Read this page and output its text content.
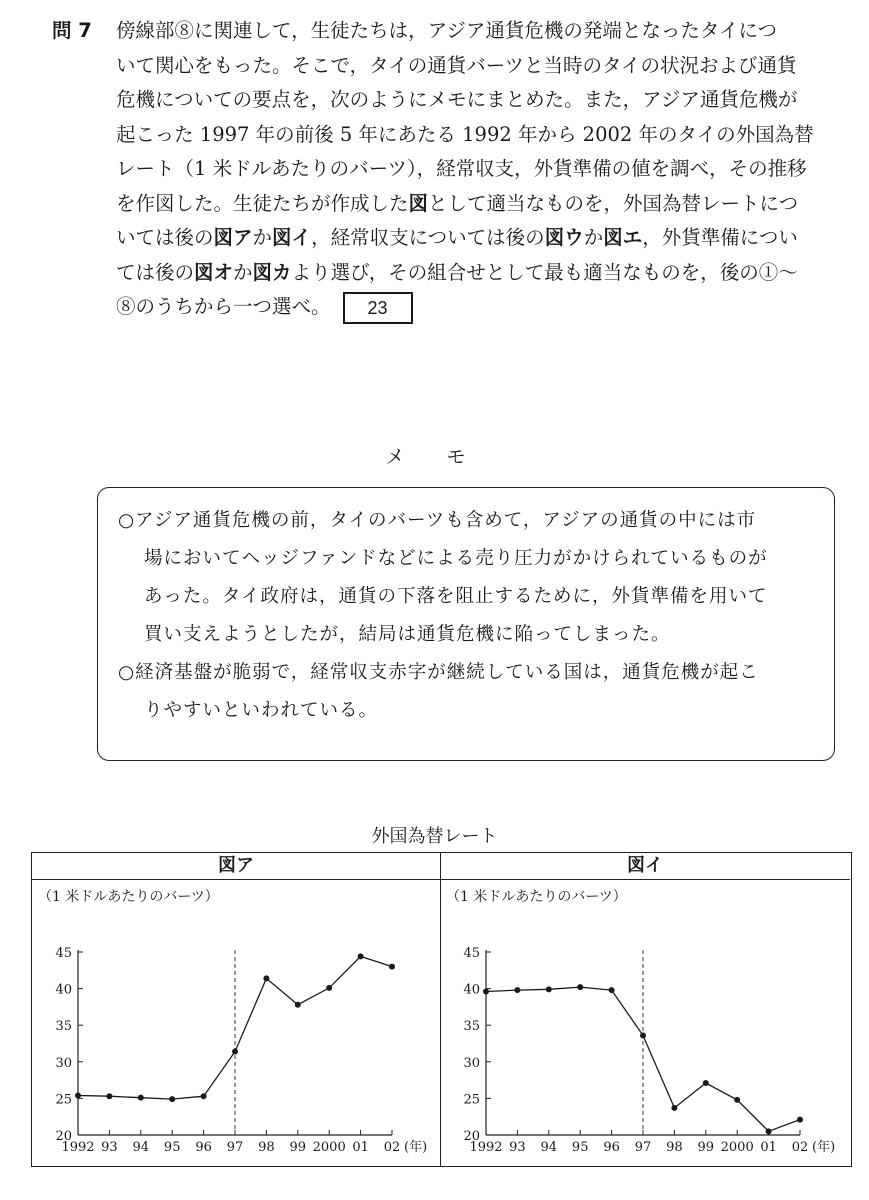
問 7 傍線部⑧に関連して，生徒たちは，アジア通貨危機の発端となったタイにつ
いて関心をもった。そこで，タイの通貨バーツと当時のタイの状況および通貨
危機についての要点を，次のようにメモにまとめた。また，アジア通貨危機が
起こった 1997 年の前後 5 年にあたる 1992 年から 2002 年のタイの外国為替
レート（1 米ドルあたりのバーツ），経常収支，外貨準備の値を調べ，その推移
を作図した。生徒たちが作成した図として適当なものを，外国為替レートにつ
いては後の図アか図イ，経常収支については後の図ウか図エ，外貨準備につい
ては後の図オか図カより選び，その組合せとして最も適当なものを，後の①～
⑧のうちから一つ選べ。 23
メ モ
○アジア通貨危機の前，タイのバーツも含めて，アジアの通貨の中には市
場においてヘッジファンドなどによる売り圧力がかけられているものが
あった。タイ政府は，通貨の下落を阻止するために，外貨準備を用いて
買い支えようとしたが，結局は通貨危機に陥ってしまった。
○経済基盤が脆弱で，経常収支赤字が継続している国は，通貨危機が起こ
りやすいといわれている。
外国為替レート
図ア
（1 米ドルあたりのバーツ）
20
25
30
35
40
45
1992 93 94 95 96 97 98 99 2000 01 02 (年)
図イ
（1 米ドルあたりのバーツ）
20
25
30
35
40
45
1992 93 94 95 96 97 98 99 2000 01 02 (年)
